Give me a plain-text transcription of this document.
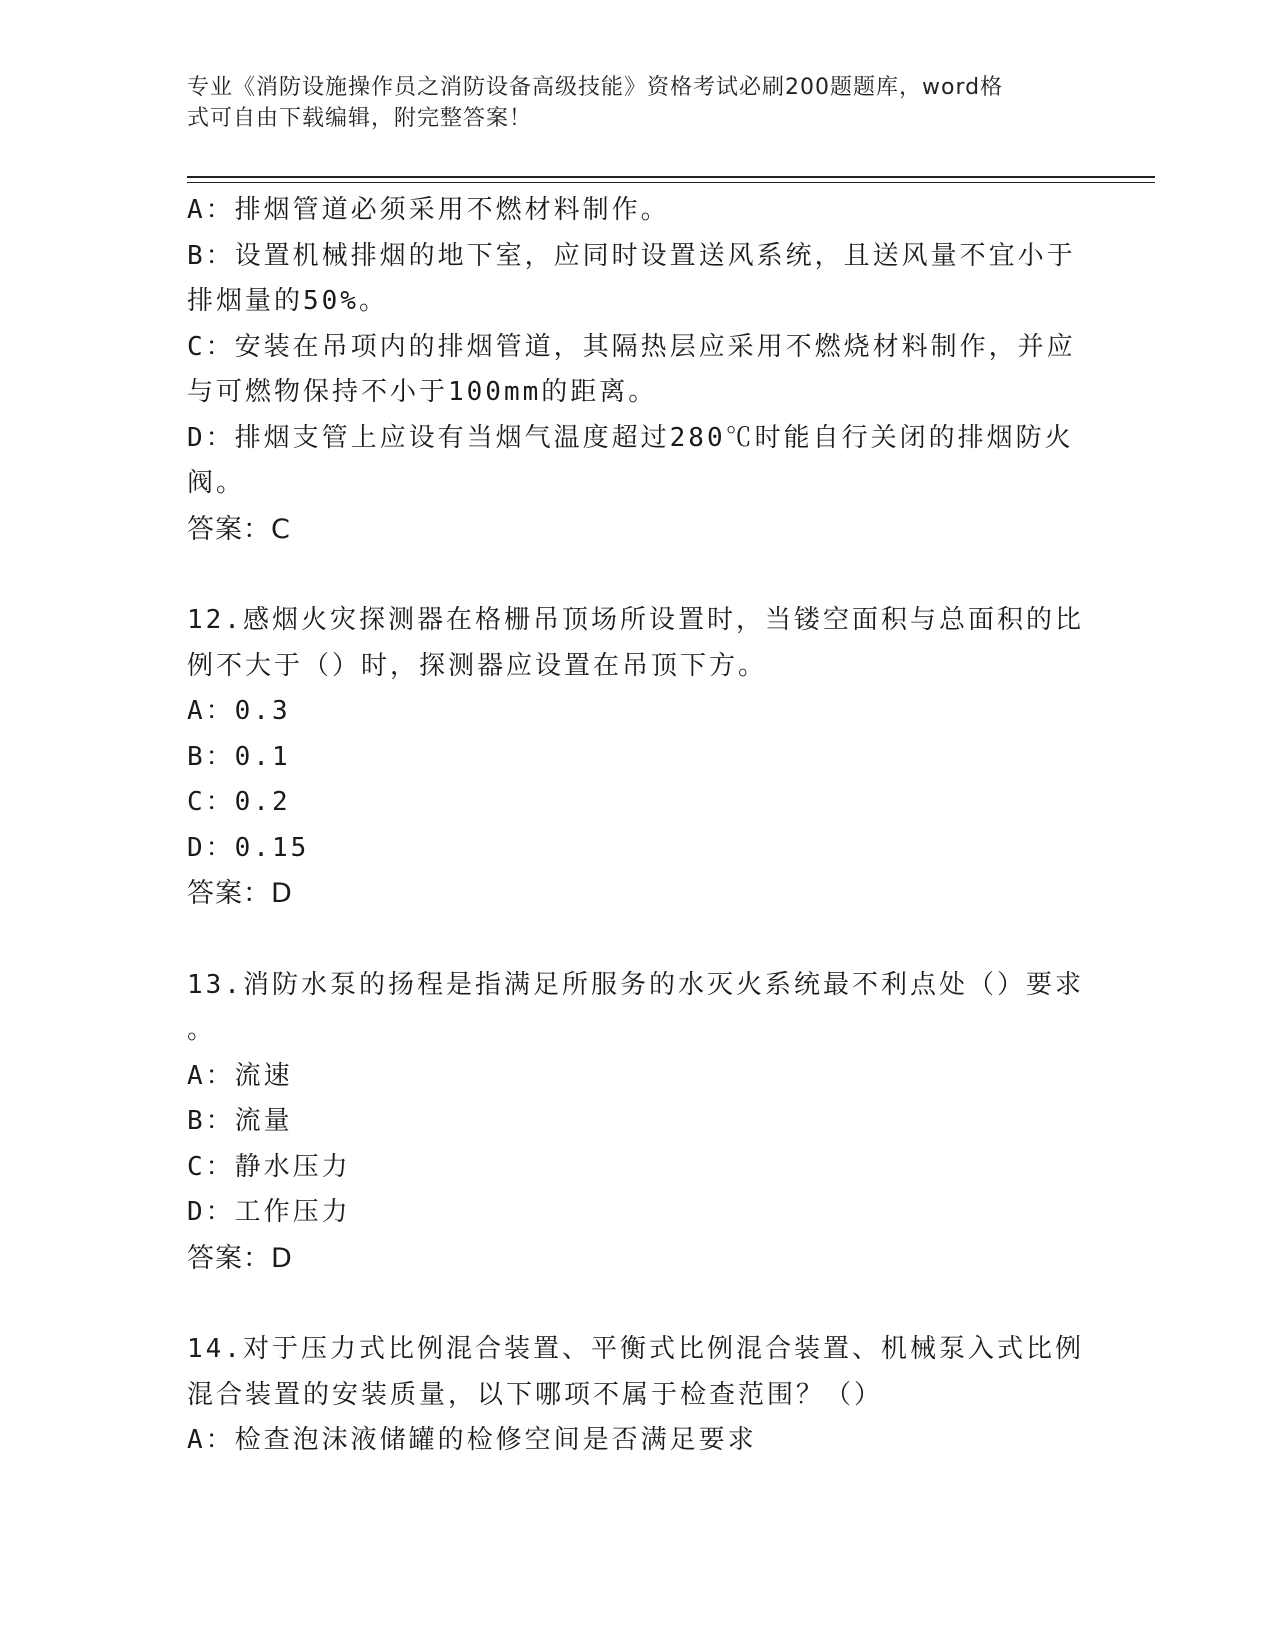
专业《消防设施操作员之消防设备高级技能》资格考试必刷200题题库，word格
式可自由下载编辑，附完整答案！
A：排烟管道必须采用不燃材料制作。
B：设置机械排烟的地下室，应同时设置送风系统，且送风量不宜小于
排烟量的50%。
C：安装在吊项内的排烟管道，其隔热层应采用不燃烧材料制作，并应
与可燃物保持不小于100mm的距离。
D：排烟支管上应设有当烟气温度超过280℃时能自行关闭的排烟防火
阀。
答案：C
12.感烟火灾探测器在格栅吊顶场所设置时，当镂空面积与总面积的比
例不大于（）时，探测器应设置在吊顶下方。
A：0.3
B：0.1
C：0.2
D：0.15
答案：D
13.消防水泵的扬程是指满足所服务的水灭火系统最不利点处（）要求
。
A：流速
B：流量
C：静水压力
D：工作压力
答案：D
14.对于压力式比例混合装置、平衡式比例混合装置、机械泵入式比例
混合装置的安装质量，以下哪项不属于检查范围？（）
A：检查泡沫液储罐的检修空间是否满足要求
